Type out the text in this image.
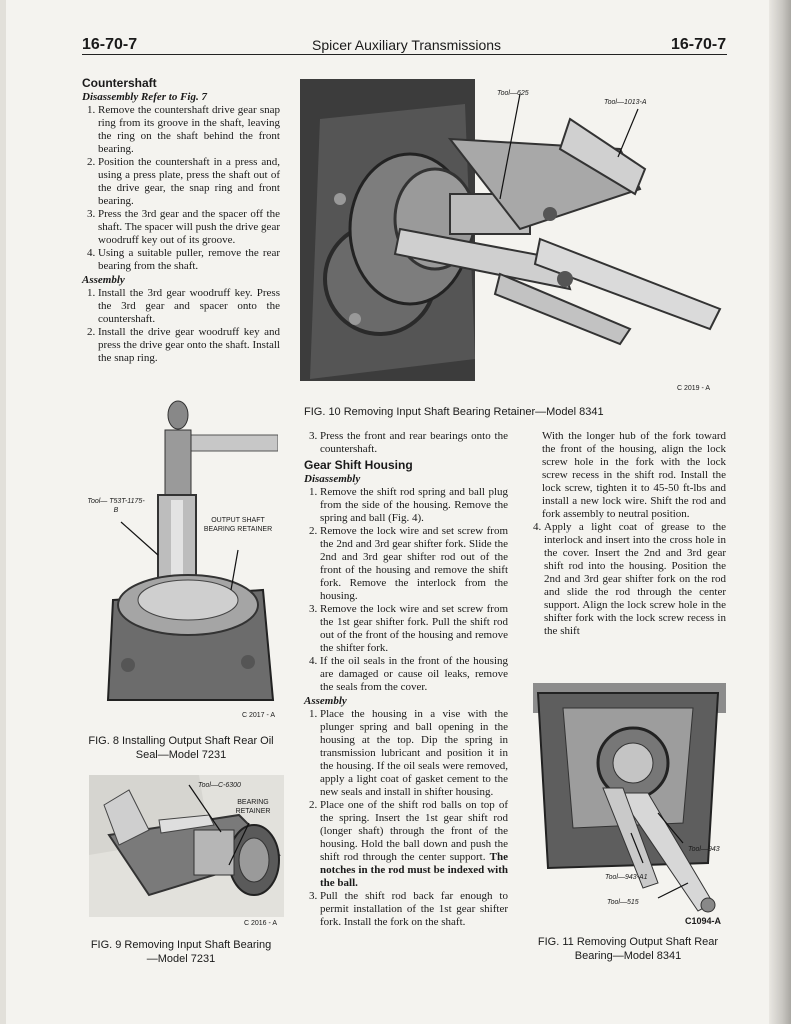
16-70-7	Spicer Auxiliary Transmissions	16-70-7

Countershaft

Disassembly Refer to Fig. 7

1. Remove the countershaft drive gear snap ring from its groove in the shaft, leaving the ring on the shaft behind the front bearing.
2. Position the countershaft in a press and, using a press plate, press the shaft out of the drive gear, the snap ring and front bearing.
3. Press the 3rd gear and the spacer off the shaft. The spacer will push the drive gear woodruff key out of its groove.
4. Using a suitable puller, remove the rear bearing from the shaft.

Assembly

1. Install the 3rd gear woodruff key. Press the 3rd gear and spacer onto the countershaft.
2. Install the drive gear woodruff key and press the drive gear onto the shaft. Install the snap ring.
Tool—625
Tool—1013-A
C 2019 - A
FIG. 10 Removing Input Shaft Bearing Retainer—Model 8341
Tool— T53T-1175-B
OUTPUT SHAFT BEARING RETAINER
C 2017 - A
FIG. 8 Installing Output Shaft Rear Oil Seal—Model 7231
Tool—C-6300
BEARING RETAINER
C 2016 - A
FIG. 9 Removing Input Shaft Bearing—Model 7231
3. Press the front and rear bearings onto the countershaft.

Gear Shift Housing

Disassembly

1. Remove the shift rod spring and ball plug from the side of the housing. Remove the spring and ball (Fig. 4).
2. Remove the lock wire and set screw from the 2nd and 3rd gear shifter fork. Slide the 2nd and 3rd gear shifter rod out of the front of the housing and remove the shift fork. Remove the interlock from the housing.
3. Remove the lock wire and set screw from the 1st gear shifter fork. Pull the shift rod out of the front of the housing and remove the shifter fork.
4. If the oil seals in the front of the housing are damaged or cause oil leaks, remove the seals from the cover.

Assembly

1. Place the housing in a vise with the plunger spring and ball opening in the housing at the top. Dip the spring in transmission lubricant and position it in the housing. If the oil seals were removed, apply a light coat of gasket cement to the new seals and install in shifter housing.
2. Place one of the shift rod balls on top of the spring. Insert the 1st gear shift rod (longer shaft) through the front of the housing. Hold the ball down and push the shift rod through the center support. The notches in the rod must be indexed with the ball.
3. Pull the shift rod back far enough to permit installation of the 1st gear shifter fork. Install the fork on the shaft.

With the longer hub of the fork toward the front of the housing, align the lock screw hole in the fork with the lock screw recess in the shift rod. Install the lock screw, tighten it to 45-50 ft-lbs and install a new lock wire. Shift the rod and fork assembly to neutral position.

4. Apply a light coat of grease to the interlock and insert into the cross hole in the cover. Insert the 2nd and 3rd gear shift rod into the housing. Position the 2nd and 3rd gear shifter fork on the rod and slide the rod through the center support. Align the lock screw hole in the shifter fork with the lock screw recess in the shift
Tool—943
Tool—943-A1
Tool—515
C1094-A
FIG. 11 Removing Output Shaft Rear Bearing—Model 8341
